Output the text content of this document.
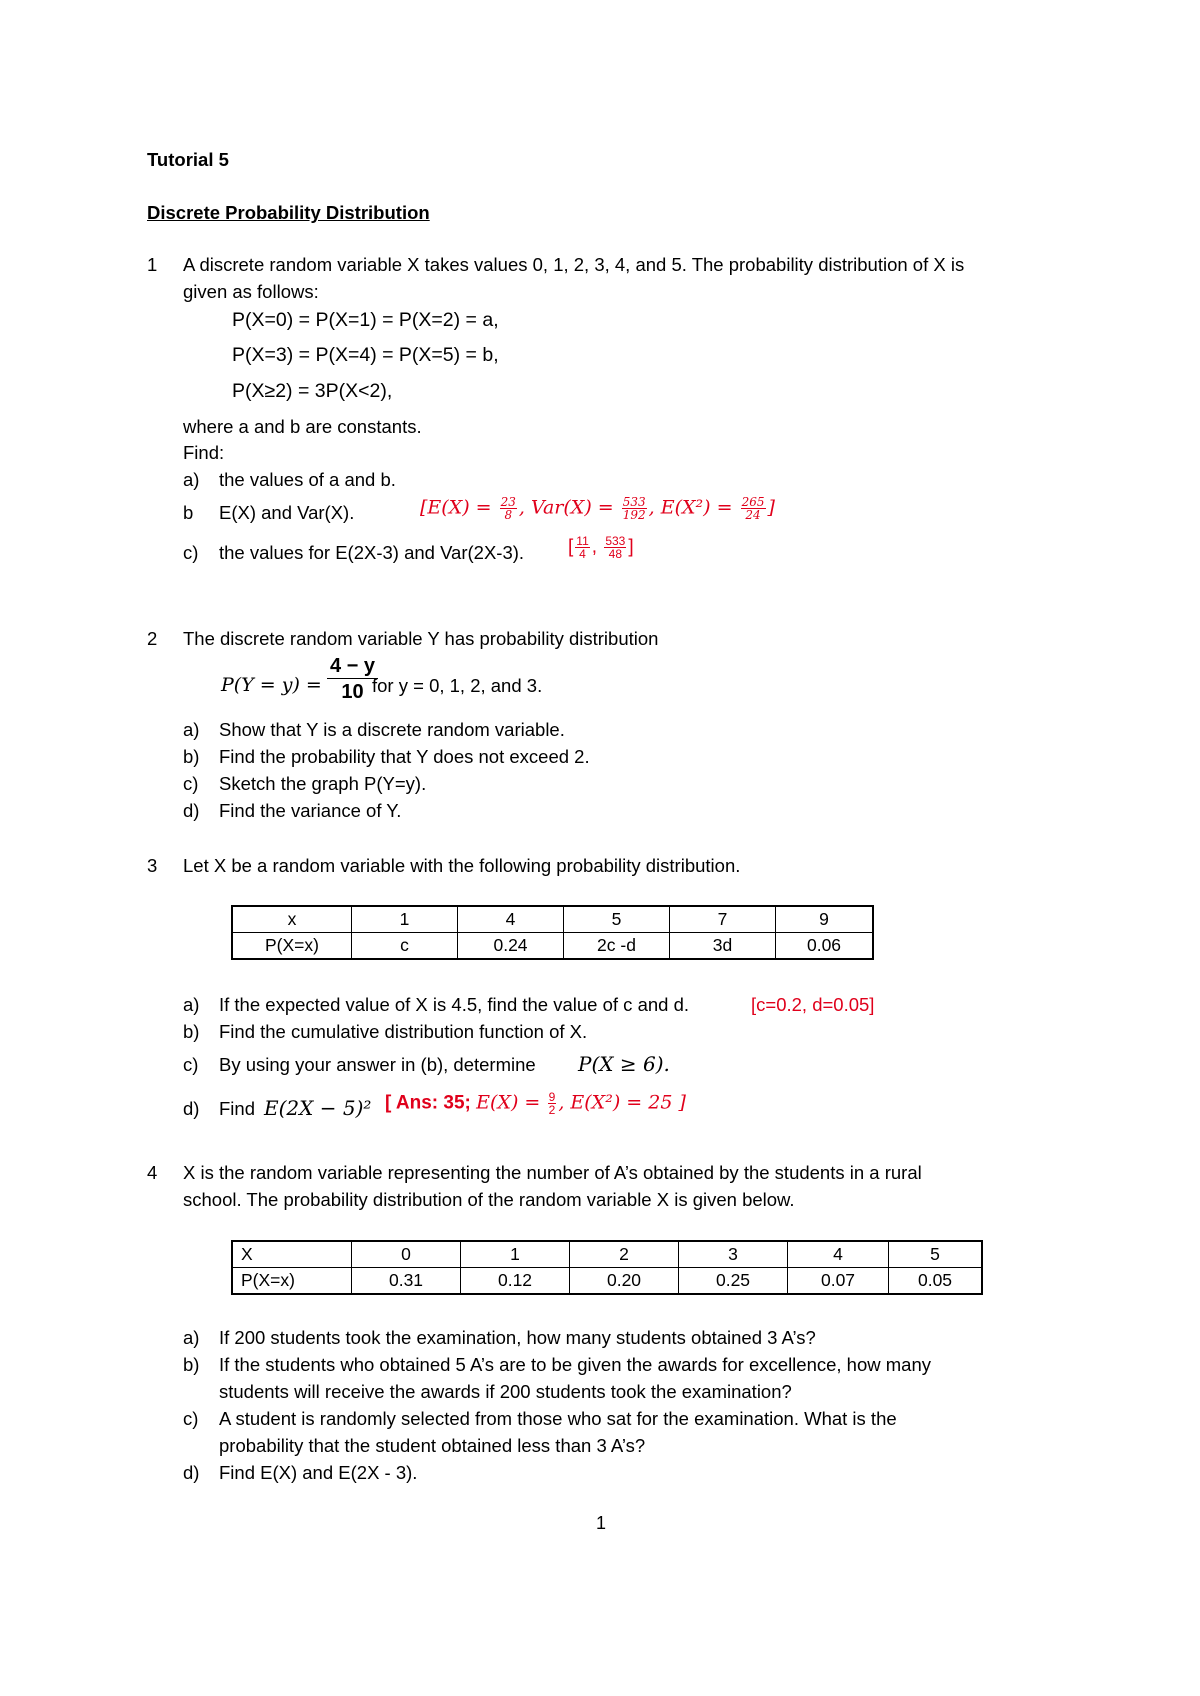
Tutorial 5
Discrete Probability Distribution
1 A discrete random variable X takes values 0, 1, 2, 3, 4, and 5. The probability distribution of X is
given as follows:
P(X=0) = P(X=1) = P(X=2) = a,
P(X=3) = P(X=4) = P(X=5) = b,
P(X≥2) = 3P(X<2),
where a and b are constants.
Find:
a) the values of a and b.
b E(X) and Var(X).	[$E(X) = \frac{23}{8}$ , $Var(X) = \frac{533}{192}$ , $E(X^2) = \frac{265}{24}$ ]
c) the values for E(2X-3) and Var(2X-3). [ $\frac{11}{4}$ , $\frac{533}{48}$ ]
2 The discrete random variable Y has probability distribution
$P(Y = y) = \frac{4 - y}{10}$
for y = 0, 1, 2, and 3.
a) Show that Y is a discrete random variable.
b) Find the probability that Y does not exceed 2.
c) Sketch the graph P(Y=y).
d) Find the variance of Y.
3 Let X be a random variable with the following probability distribution.
x	1	4	5	7	9
P(X=x)	c	0.24	2c -d	3d	0.06
a) If the expected value of X is 4.5, find the value of c and d.	[c=0.2, d=0.05]
b) Find the cumulative distribution function of X.
c) By using your answer in (b), determine P(X ≥ 6).
d) Find E(2X − 5)² [ Ans: 35; $E(X) = \frac{9}{2}$ , E(X²) = 25 ]
4 X is the random variable representing the number of A’s obtained by the students in a rural
school. The probability distribution of the random variable X is given below.
X	0	1	2	3	4	5
P(X=x)	0.31	0.12	0.20	0.25	0.07	0.05
a) If 200 students took the examination, how many students obtained 3 A’s?
b) If the students who obtained 5 A’s are to be given the awards for excellence, how many
students will receive the awards if 200 students took the examination?
c) A student is randomly selected from those who sat for the examination. What is the
probability that the student obtained less than 3 A’s?
d) Find E(X) and E(2X - 3).
1
